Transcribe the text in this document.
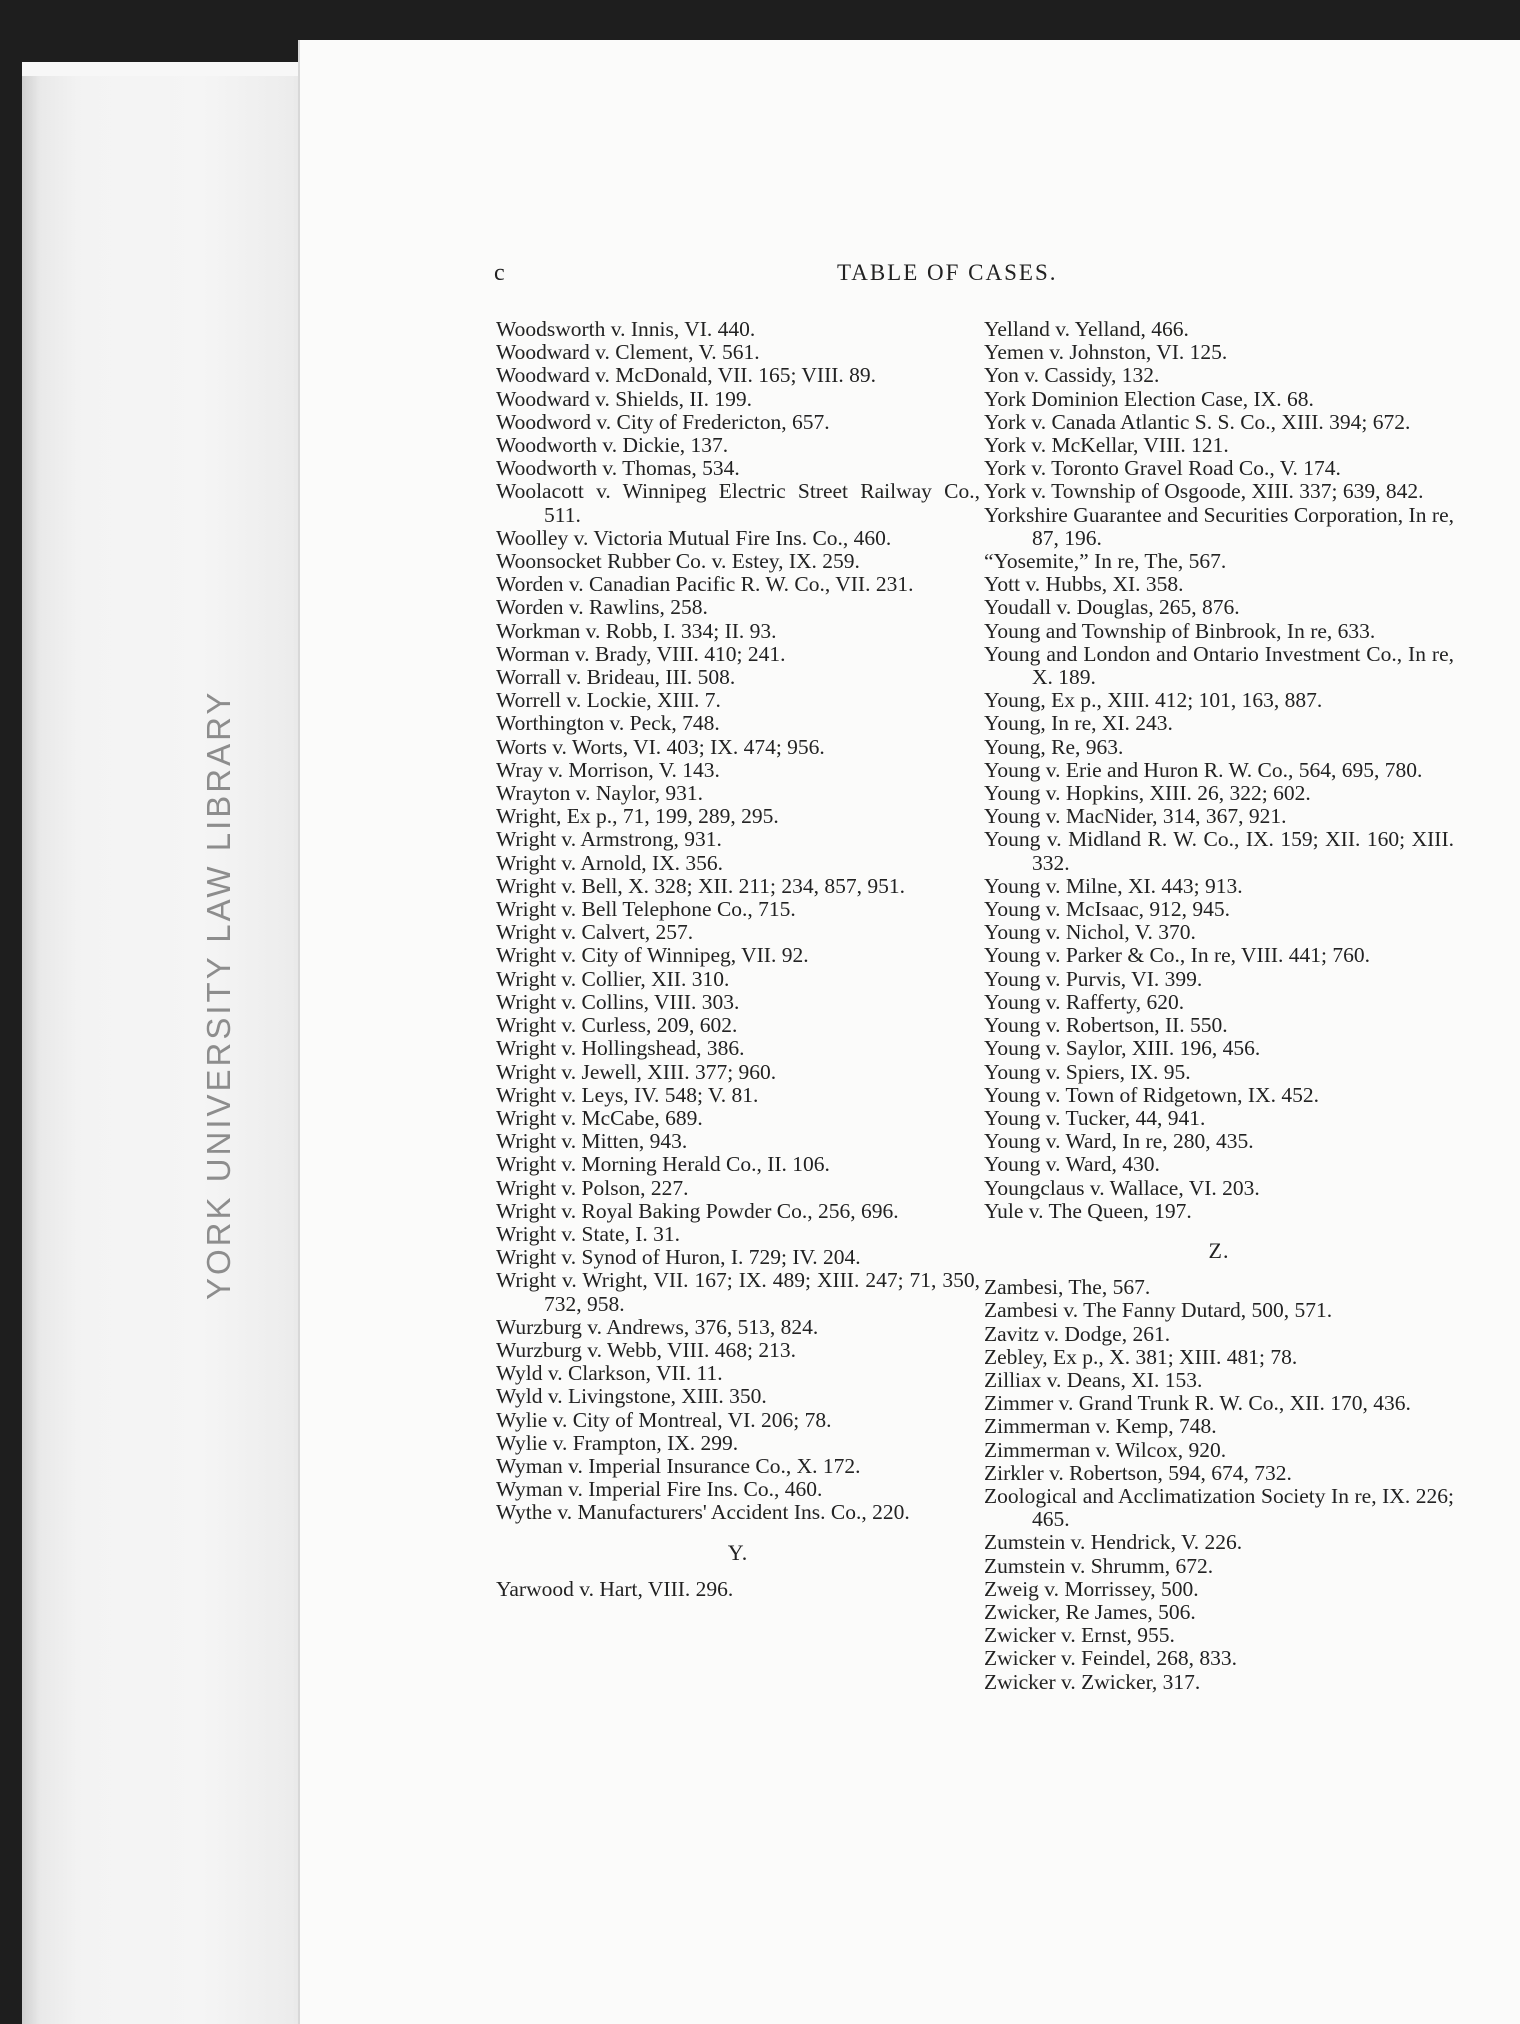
YORK UNIVERSITY LAW LIBRARY
c	TABLE OF CASES.

Woodsworth v. Innis, VI. 440.

Woodward v. Clement, V. 561.

Woodward v. McDonald, VII. 165; VIII. 89.

Woodward v. Shields, II. 199.

Woodword v. City of Fredericton, 657.

Woodworth v. Dickie, 137.

Woodworth v. Thomas, 534.

Woolacott v. Winnipeg Electric Street Railway Co., 511.

Woolley v. Victoria Mutual Fire Ins. Co., 460.

Woonsocket Rubber Co. v. Estey, IX. 259.

Worden v. Canadian Pacific R. W. Co., VII. 231.

Worden v. Rawlins, 258.

Workman v. Robb, I. 334; II. 93.

Worman v. Brady, VIII. 410; 241.

Worrall v. Brideau, III. 508.

Worrell v. Lockie, XIII. 7.

Worthington v. Peck, 748.

Worts v. Worts, VI. 403; IX. 474; 956.

Wray v. Morrison, V. 143.

Wrayton v. Naylor, 931.

Wright, Ex p., 71, 199, 289, 295.

Wright v. Armstrong, 931.

Wright v. Arnold, IX. 356.

Wright v. Bell, X. 328; XII. 211; 234, 857, 951.

Wright v. Bell Telephone Co., 715.

Wright v. Calvert, 257.

Wright v. City of Winnipeg, VII. 92.

Wright v. Collier, XII. 310.

Wright v. Collins, VIII. 303.

Wright v. Curless, 209, 602.

Wright v. Hollingshead, 386.

Wright v. Jewell, XIII. 377; 960.

Wright v. Leys, IV. 548; V. 81.

Wright v. McCabe, 689.

Wright v. Mitten, 943.

Wright v. Morning Herald Co., II. 106.

Wright v. Polson, 227.

Wright v. Royal Baking Powder Co., 256, 696.

Wright v. State, I. 31.

Wright v. Synod of Huron, I. 729; IV. 204.

Wright v. Wright, VII. 167; IX. 489; XIII. 247; 71, 350, 732, 958.

Wurzburg v. Andrews, 376, 513, 824.

Wurzburg v. Webb, VIII. 468; 213.

Wyld v. Clarkson, VII. 11.

Wyld v. Livingstone, XIII. 350.

Wylie v. City of Montreal, VI. 206; 78.

Wylie v. Frampton, IX. 299.

Wyman v. Imperial Insurance Co., X. 172.

Wyman v. Imperial Fire Ins. Co., 460.

Wythe v. Manufacturers' Accident Ins. Co., 220.

Y.

Yarwood v. Hart, VIII. 296.

Yelland v. Yelland, 466.

Yemen v. Johnston, VI. 125.

Yon v. Cassidy, 132.

York Dominion Election Case, IX. 68.

York v. Canada Atlantic S. S. Co., XIII. 394; 672.

York v. McKellar, VIII. 121.

York v. Toronto Gravel Road Co., V. 174.

York v. Township of Osgoode, XIII. 337; 639, 842.

Yorkshire Guarantee and Securities Corporation, In re, 87, 196.

“Yosemite,” In re, The, 567.

Yott v. Hubbs, XI. 358.

Youdall v. Douglas, 265, 876.

Young and Township of Binbrook, In re, 633.

Young and London and Ontario Investment Co., In re, X. 189.

Young, Ex p., XIII. 412; 101, 163, 887.

Young, In re, XI. 243.

Young, Re, 963.

Young v. Erie and Huron R. W. Co., 564, 695, 780.

Young v. Hopkins, XIII. 26, 322; 602.

Young v. MacNider, 314, 367, 921.

Young v. Midland R. W. Co., IX. 159; XII. 160; XIII. 332.

Young v. Milne, XI. 443; 913.

Young v. McIsaac, 912, 945.

Young v. Nichol, V. 370.

Young v. Parker & Co., In re, VIII. 441; 760.

Young v. Purvis, VI. 399.

Young v. Rafferty, 620.

Young v. Robertson, II. 550.

Young v. Saylor, XIII. 196, 456.

Young v. Spiers, IX. 95.

Young v. Town of Ridgetown, IX. 452.

Young v. Tucker, 44, 941.

Young v. Ward, In re, 280, 435.

Young v. Ward, 430.

Youngclaus v. Wallace, VI. 203.

Yule v. The Queen, 197.

Z.

Zambesi, The, 567.

Zambesi v. The Fanny Dutard, 500, 571.

Zavitz v. Dodge, 261.

Zebley, Ex p., X. 381; XIII. 481; 78.

Zilliax v. Deans, XI. 153.

Zimmer v. Grand Trunk R. W. Co., XII. 170, 436.

Zimmerman v. Kemp, 748.

Zimmerman v. Wilcox, 920.

Zirkler v. Robertson, 594, 674, 732.

Zoological and Acclimatization Society In re, IX. 226; 465.

Zumstein v. Hendrick, V. 226.

Zumstein v. Shrumm, 672.

Zweig v. Morrissey, 500.

Zwicker, Re James, 506.

Zwicker v. Ernst, 955.

Zwicker v. Feindel, 268, 833.

Zwicker v. Zwicker, 317.
